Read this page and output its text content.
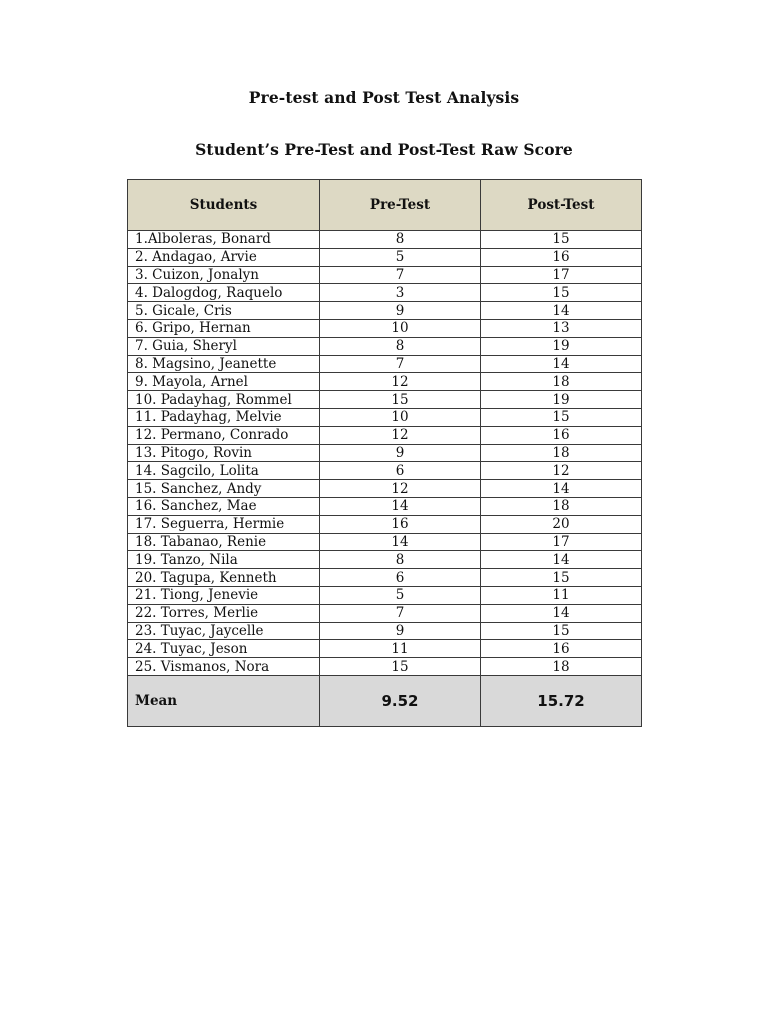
Pre-test and Post Test Analysis
Student’s Pre-Test and Post-Test Raw Score
Students	Pre-Test	Post-Test
1.Alboleras, Bonard	8	15
2. Andagao, Arvie	5	16
3. Cuizon, Jonalyn	7	17
4. Dalogdog, Raquelo	3	15
5. Gicale, Cris	9	14
6. Gripo, Hernan	10	13
7. Guia, Sheryl	8	19
8. Magsino, Jeanette	7	14
9. Mayola, Arnel	12	18
10. Padayhag, Rommel	15	19
11. Padayhag, Melvie	10	15
12. Permano, Conrado	12	16
13. Pitogo, Rovin	9	18
14. Sagcilo, Lolita	6	12
15. Sanchez, Andy	12	14
16. Sanchez, Mae	14	18
17. Seguerra, Hermie	16	20
18. Tabanao, Renie	14	17
19. Tanzo, Nila	8	14
20. Tagupa, Kenneth	6	15
21. Tiong, Jenevie	5	11
22. Torres, Merlie	7	14
23. Tuyac, Jaycelle	9	15
24. Tuyac, Jeson	11	16
25. Vismanos, Nora	15	18
Mean	9.52	15.72
